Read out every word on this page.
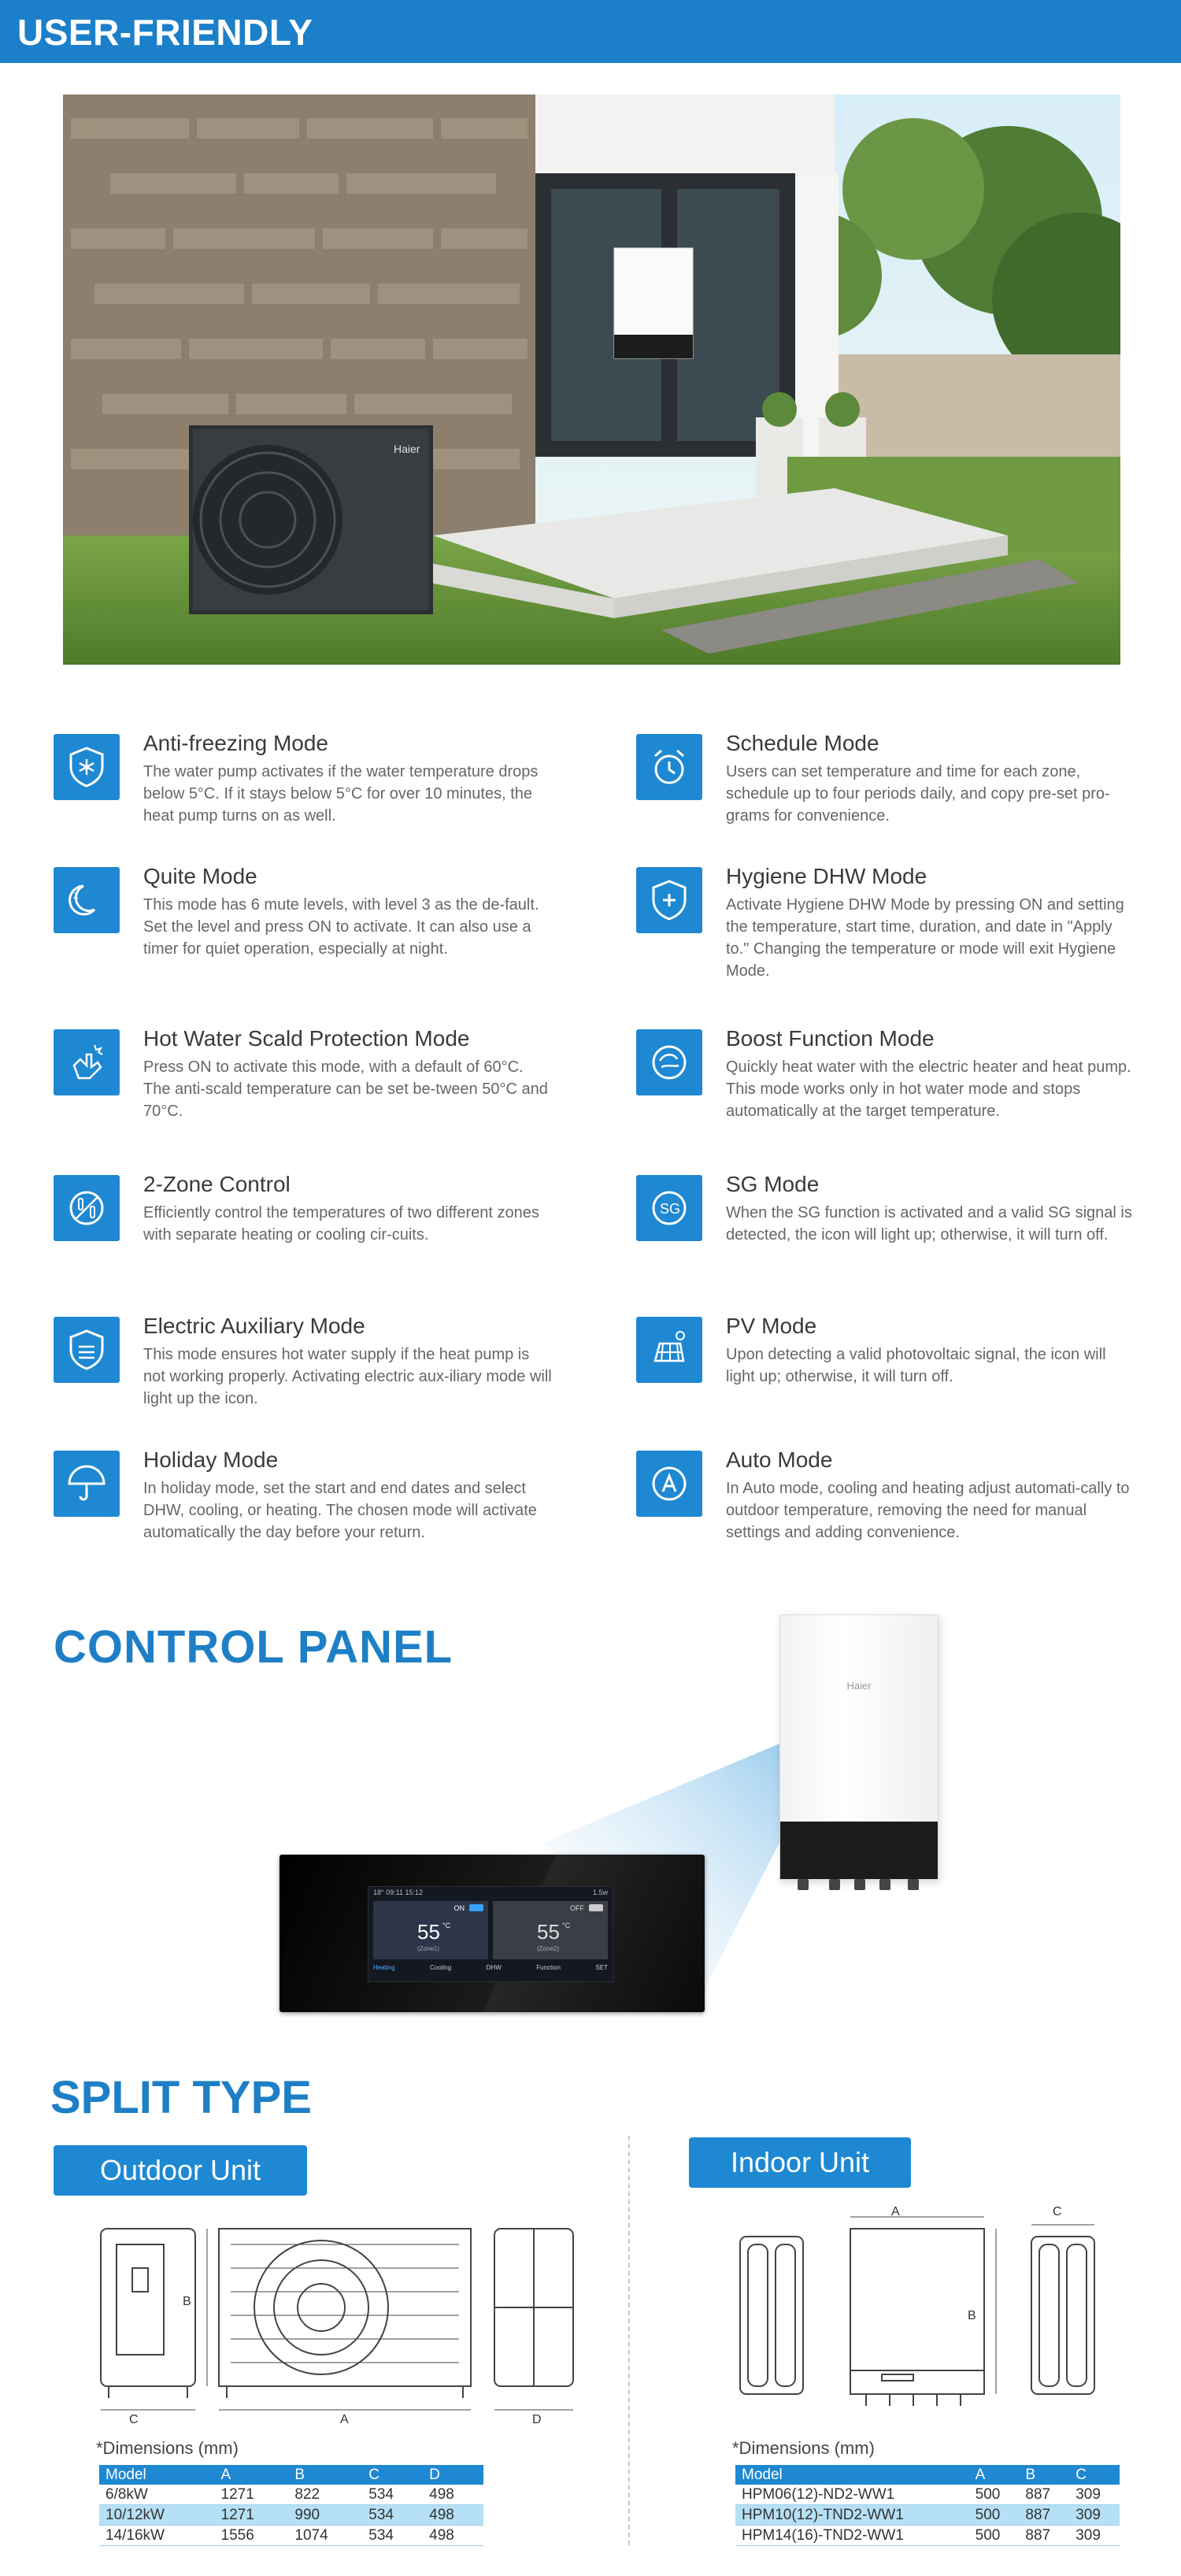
USER-FRIENDLY
Haier
Anti-freezing Mode
The water pump activates if the water temperature drops below 5°C. If it stays below 5°C for over 10 minutes, the heat pump turns on as well.
Schedule Mode
Users can set temperature and time for each zone, schedule up to four periods daily, and copy pre-set pro-grams for convenience.
z
Quite Mode
This mode has 6 mute levels, with level 3 as the de-fault. Set the level and press ON to activate. It can also use a timer for quiet operation, especially at night.
Hygiene DHW Mode
Activate Hygiene DHW Mode by pressing ON and setting the temperature, start time, duration, and date in "Apply to." Changing the temperature or mode will exit Hygiene Mode.
Hot Water Scald Protection Mode
Press ON to activate this mode, with a default of 60°C. The anti-scald temperature can be set be-tween 50°C and 70°C.
Boost Function Mode
Quickly heat water with the electric heater and heat pump. This mode works only in hot water mode and stops automatically at the target temperature.
2-Zone Control
Efficiently control the temperatures of two different zones with separate heating or cooling cir-cuits.
SG
SG Mode
When the SG function is activated and a valid SG signal is detected, the icon will light up; otherwise, it will turn off.
Electric Auxiliary Mode
This mode ensures hot water supply if the heat pump is not working properly. Activating electric aux-iliary mode will light up the icon.
PV Mode
Upon detecting a valid photovoltaic signal, the icon will light up; otherwise, it will turn off.
Holiday Mode
In holiday mode, set the start and end dates and select DHW, cooling, or heating. The chosen mode will activate automatically the day before your return.
Auto Mode
In Auto mode, cooling and heating adjust automati-cally to outdoor temperature, removing the need for manual settings and adding convenience.
CONTROL PANEL
Haier
18° 09:11 15:12	1.5w
ON
55 °C
(Zone1)
OFF
55 °C
(Zone2)
Heating	Cooling	DHW	Function	SET
SPLIT TYPE
Outdoor Unit	Indoor Unit
C	A	D
B
A
B
C
*Dimensions (mm)
Model	A	B	C	D
6/8kW	1271	822	534	498
10/12kW	1271	990	534	498
14/16kW	1556	1074	534	498
*Dimensions (mm)
Model	A	B	C
HPM06(12)-ND2-WW1	500	887	309
HPM10(12)-TND2-WW1	500	887	309
HPM14(16)-TND2-WW1	500	887	309
